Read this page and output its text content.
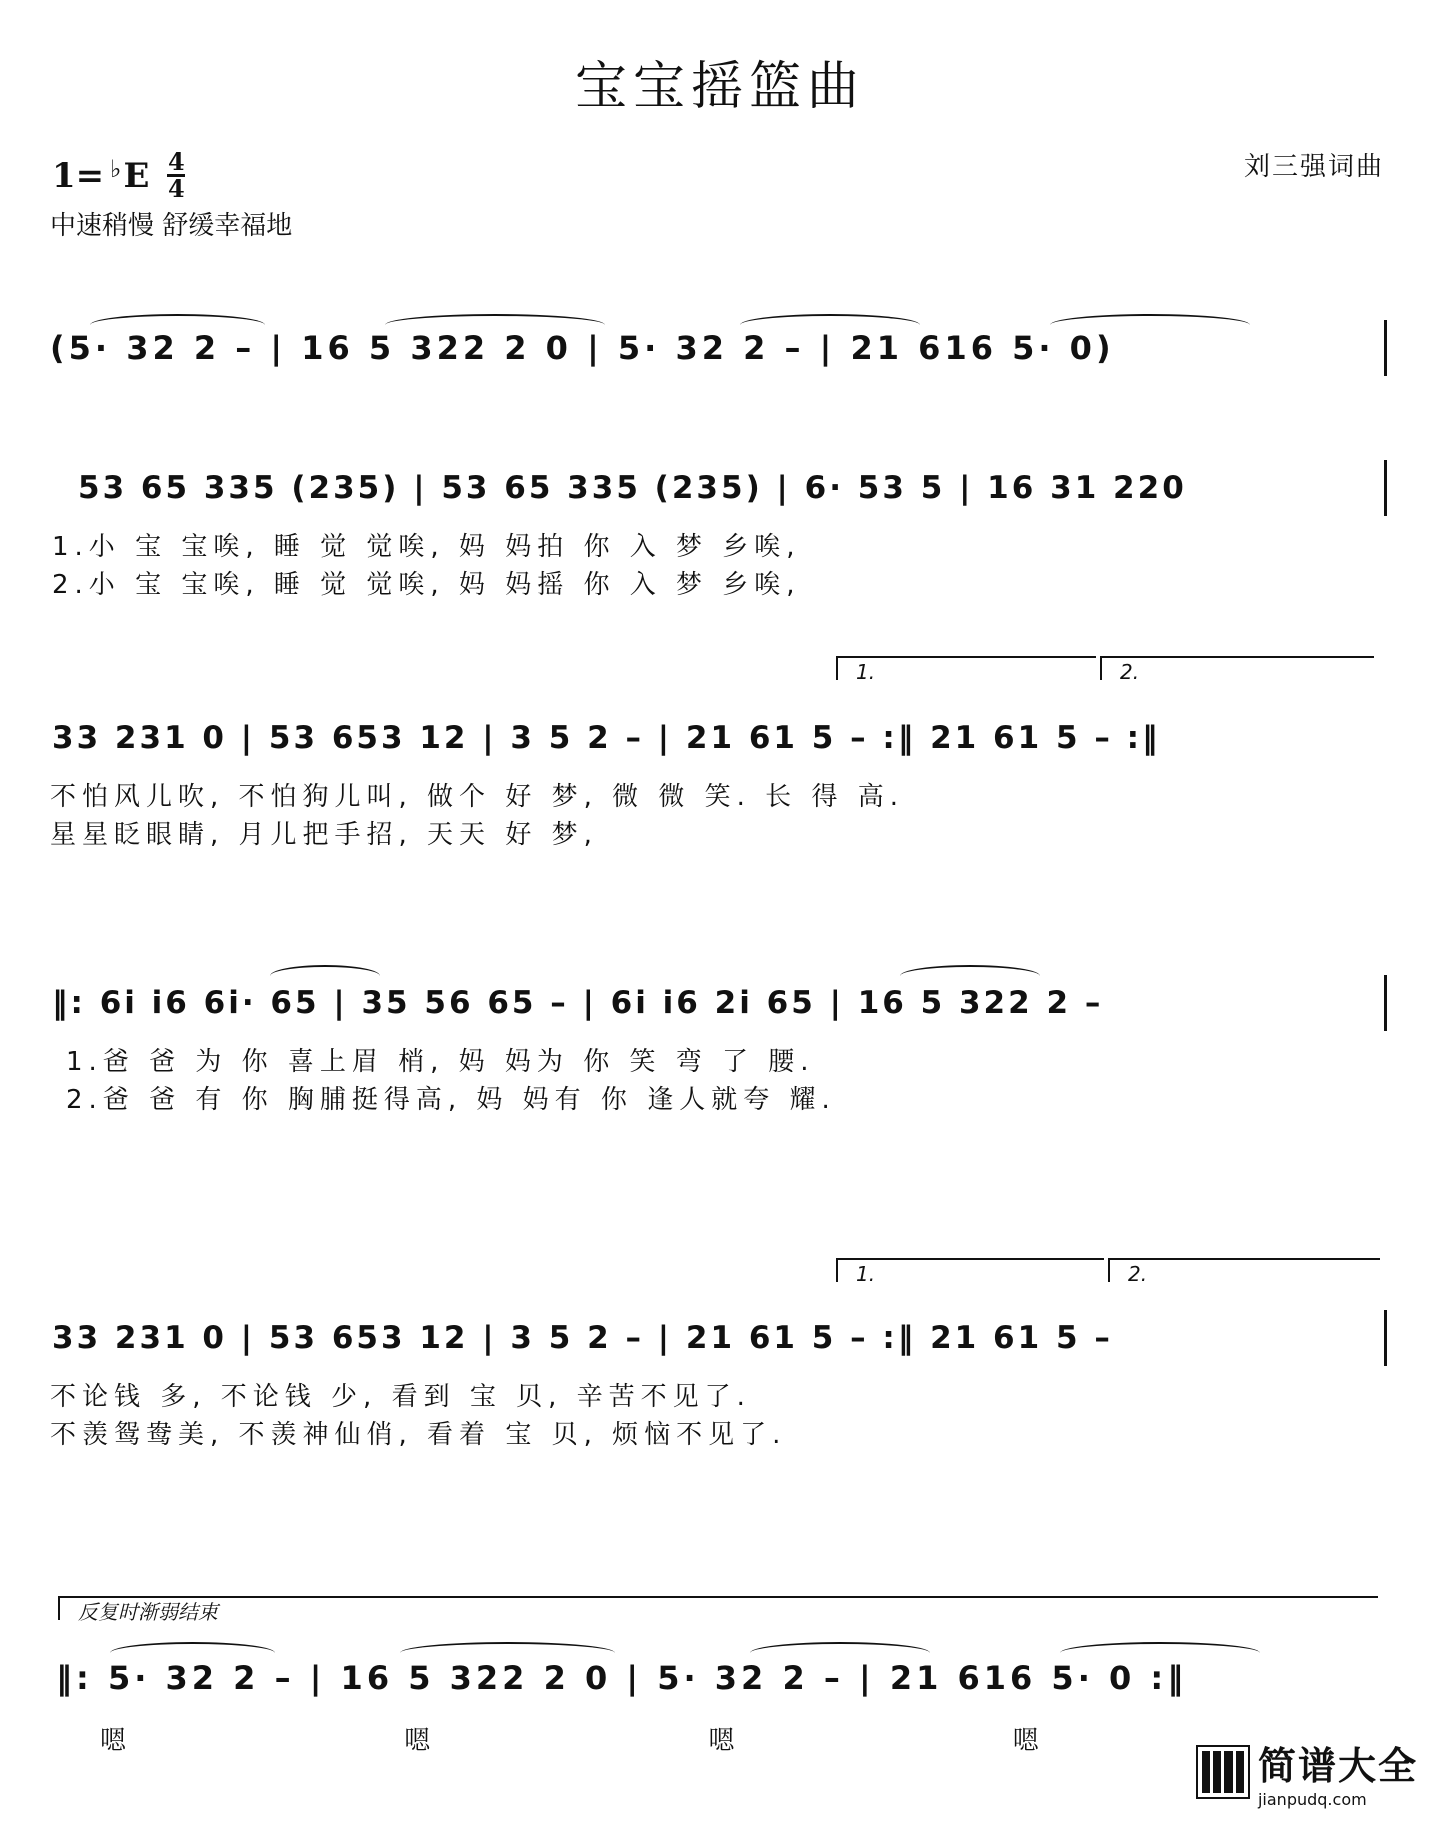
宝宝摇篮曲
1= ♭ E 4
4
中速稍慢 舒缓幸福地
刘三强词曲
(5· 32 2 – | 16 5 322 2 0 | 5· 32 2 – | 21 616 5· 0)
53 65 335 (235) | 53 65 335 (235) | 6· 53 5 | 16 31 220
1.小 宝 宝唉, 睡 觉 觉唉, 妈 妈拍 你 入 梦 乡唉,
2.小 宝 宝唉, 睡 觉 觉唉, 妈 妈摇 你 入 梦 乡唉,
1.	2.
33 231 0 | 53 653 12 | 3 5 2 – | 21 61 5 – :‖ 21 61 5 – :‖
不怕风儿吹, 不怕狗儿叫, 做个 好 梦, 微 微 笑. 长 得 高.
星星眨眼睛, 月儿把手招, 天天 好 梦,
‖: 6i i6 6i· 65 | 35 56 65 – | 6i i6 2i 65 | 16 5 322 2 –
1.爸 爸 为 你 喜上眉 梢, 妈 妈为 你 笑 弯 了 腰.
2.爸 爸 有 你 胸脯挺得高, 妈 妈有 你 逢人就夸 耀.
1.	2.
33 231 0 | 53 653 12 | 3 5 2 – | 21 61 5 – :‖ 21 61 5 –
不论钱 多, 不论钱 少, 看到 宝 贝, 辛苦不见了.
不羡鸳鸯美, 不羡神仙俏, 看着 宝 贝, 烦恼不见了.
反复时渐弱结束
‖: 5· 32 2 – | 16 5 322 2 0 | 5· 32 2 – | 21 616 5· 0 :‖
嗯 嗯 嗯 嗯
简谱大全
jianpudq.com
